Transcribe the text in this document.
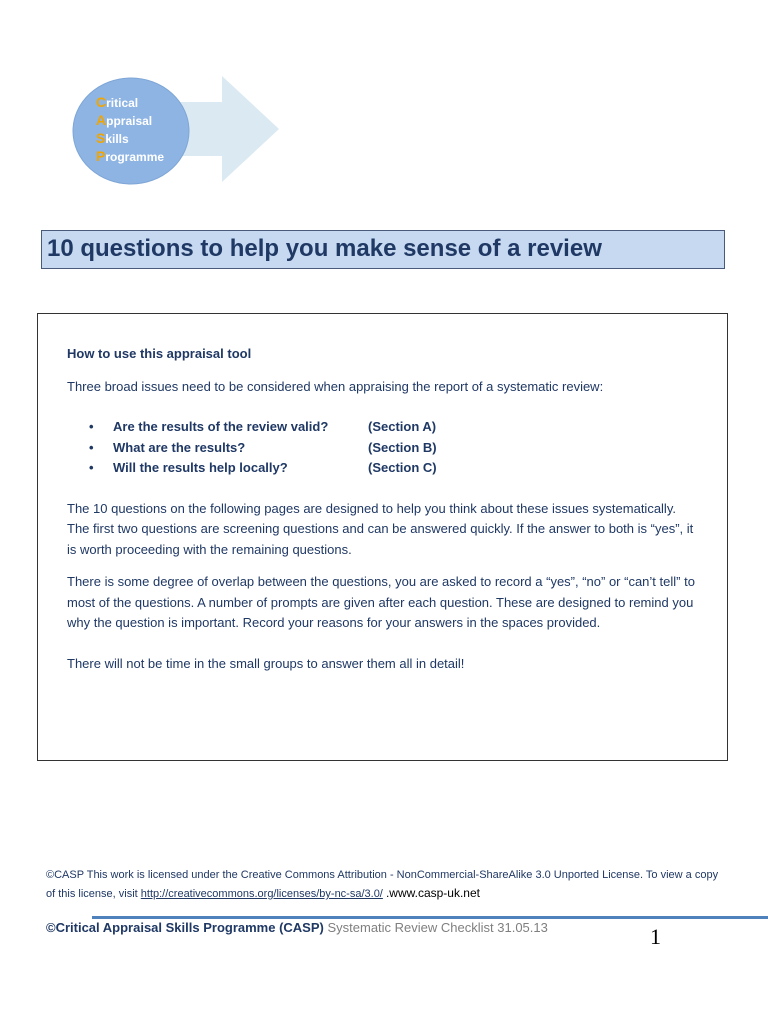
Critical
Appraisal
Skills
Programme
10 questions to help you make sense of a review

How to use this appraisal tool

Three broad issues need to be considered when appraising the report of a systematic review:

• Are the results of the review valid?	(Section A)
• What are the results?	(Section B)
• Will the results help locally?	(Section C)

The 10 questions on the following pages are designed to help you think about these issues systematically.

The first two questions are screening questions and can be answered quickly. If the answer to both is “yes”, it is worth proceeding with the remaining questions.

There is some degree of overlap between the questions, you are asked to record a “yes”, “no” or “can’t tell” to most of the questions. A number of prompts are given after each question. These are designed to remind you why the question is important. Record your reasons for your answers in the spaces provided.

There will not be time in the small groups to answer them all in detail!

©CASP This work is licensed under the Creative Commons Attribution - NonCommercial-ShareAlike 3.0 Unported License. To view a copy of this license, visit http://creativecommons.org/licenses/by-nc-sa/3.0/ .www.casp-uk.net
©Critical Appraisal Skills Programme (CASP) Systematic Review Checklist 31.05.13	1
